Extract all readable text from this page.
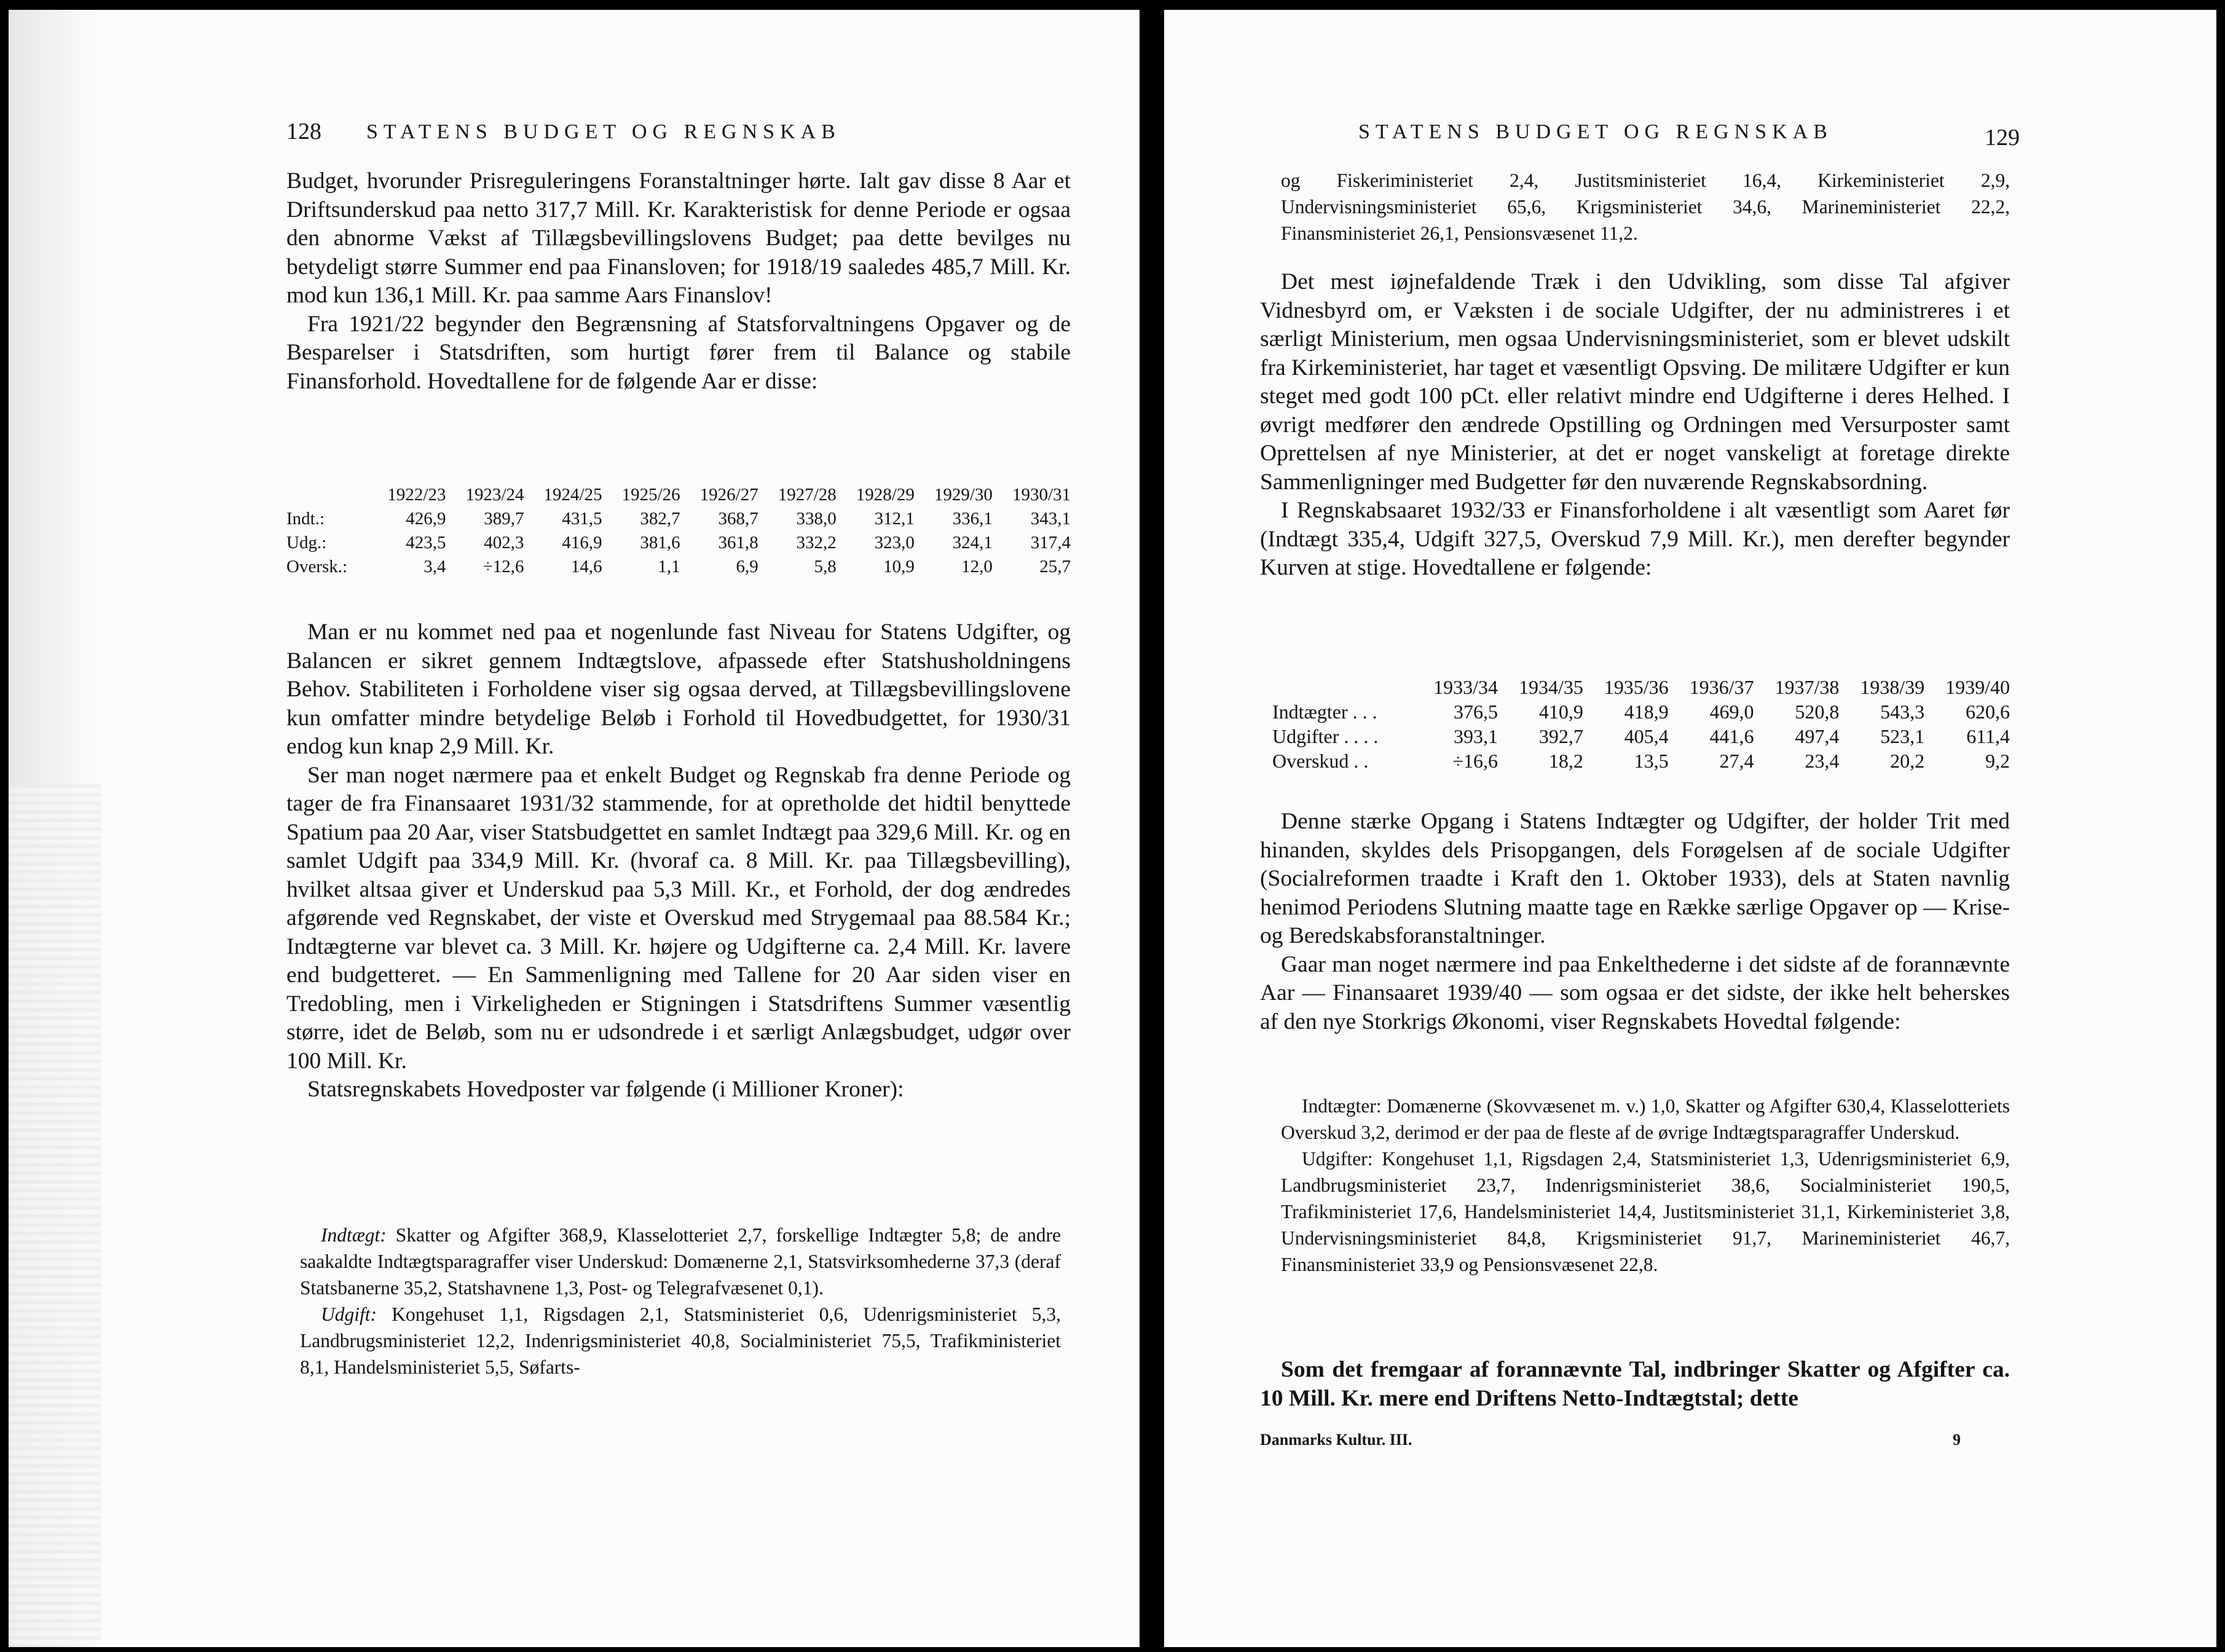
128 STATENS BUDGET OG REGNSKAB

Budget, hvorunder Prisreguleringens Foranstaltninger hørte. Ialt gav disse 8 Aar et Driftsunderskud paa netto 317,7 Mill. Kr. Karakteristisk for denne Periode er ogsaa den abnorme Vækst af Tillægsbevillingslovens Budget; paa dette bevilges nu betydeligt større Summer end paa Finansloven; for 1918/19 saaledes 485,7 Mill. Kr. mod kun 136,1 Mill. Kr. paa samme Aars Finanslov!

Fra 1921/22 begynder den Begrænsning af Statsforvaltningens Opgaver og de Besparelser i Statsdriften, som hurtigt fører frem til Balance og stabile Finansforhold. Hovedtallene for de følgende Aar er disse:

	1922/23	1923/24	1924/25	1925/26	1926/27	1927/28	1928/29	1929/30	1930/31
Indt.:	426,9	389,7	431,5	382,7	368,7	338,0	312,1	336,1	343,1
Udg.:	423,5	402,3	416,9	381,6	361,8	332,2	323,0	324,1	317,4
Oversk.:	3,4	÷12,6	14,6	1,1	6,9	5,8	10,9	12,0	25,7

Man er nu kommet ned paa et nogenlunde fast Niveau for Statens Udgifter, og Balancen er sikret gennem Indtægtslove, afpassede efter Statshusholdningens Behov. Stabiliteten i Forholdene viser sig ogsaa derved, at Tillægsbevillingslovene kun omfatter mindre betydelige Beløb i Forhold til Hovedbudgettet, for 1930/31 endog kun knap 2,9 Mill. Kr.

Ser man noget nærmere paa et enkelt Budget og Regnskab fra denne Periode og tager de fra Finansaaret 1931/32 stammende, for at opretholde det hidtil benyttede Spatium paa 20 Aar, viser Statsbudgettet en samlet Indtægt paa 329,6 Mill. Kr. og en samlet Udgift paa 334,9 Mill. Kr. (hvoraf ca. 8 Mill. Kr. paa Tillægsbevilling), hvilket altsaa giver et Underskud paa 5,3 Mill. Kr., et Forhold, der dog ændredes afgørende ved Regnskabet, der viste et Overskud med Strygemaal paa 88.584 Kr.; Indtægterne var blevet ca. 3 Mill. Kr. højere og Udgifterne ca. 2,4 Mill. Kr. lavere end budgetteret. — En Sammenligning med Tallene for 20 Aar siden viser en Tredobling, men i Virkeligheden er Stigningen i Statsdriftens Summer væsentlig større, idet de Beløb, som nu er udsondrede i et særligt Anlægsbudget, udgør over 100 Mill. Kr.

Statsregnskabets Hovedposter var følgende (i Millioner Kroner):

Indtægt: Skatter og Afgifter 368,9, Klasselotteriet 2,7, forskellige Indtægter 5,8; de andre saakaldte Indtægtsparagraffer viser Underskud: Domænerne 2,1, Statsvirksomhederne 37,3 (deraf Statsbanerne 35,2, Statshavnene 1,3, Post- og Telegrafvæsenet 0,1).

Udgift: Kongehuset 1,1, Rigsdagen 2,1, Statsministeriet 0,6, Udenrigsministeriet 5,3, Landbrugsministeriet 12,2, Indenrigsministeriet 40,8, Socialministeriet 75,5, Trafikministeriet 8,1, Handelsministeriet 5,5, Søfarts-

STATENS BUDGET OG REGNSKAB	129

og Fiskeriministeriet 2,4, Justitsministeriet 16,4, Kirkeministeriet 2,9, Undervisningsministeriet 65,6, Krigsministeriet 34,6, Marineministeriet 22,2, Finansministeriet 26,1, Pensionsvæsenet 11,2.

Det mest iøjnefaldende Træk i den Udvikling, som disse Tal afgiver Vidnesbyrd om, er Væksten i de sociale Udgifter, der nu administreres i et særligt Ministerium, men ogsaa Undervisningsministeriet, som er blevet udskilt fra Kirkeministeriet, har taget et væsentligt Opsving. De militære Udgifter er kun steget med godt 100 pCt. eller relativt mindre end Udgifterne i deres Helhed. I øvrigt medfører den ændrede Opstilling og Ordningen med Versurposter samt Oprettelsen af nye Ministerier, at det er noget vanskeligt at foretage direkte Sammenligninger med Budgetter før den nuværende Regnskabsordning.

I Regnskabsaaret 1932/33 er Finansforholdene i alt væsentligt som Aaret før (Indtægt 335,4, Udgift 327,5, Overskud 7,9 Mill. Kr.), men derefter begynder Kurven at stige. Hovedtallene er følgende:

	1933/34	1934/35	1935/36	1936/37	1937/38	1938/39	1939/40
Indtægter . . .	376,5	410,9	418,9	469,0	520,8	543,3	620,6
Udgifter . . . .	393,1	392,7	405,4	441,6	497,4	523,1	611,4
Overskud . .	÷16,6	18,2	13,5	27,4	23,4	20,2	9,2

Denne stærke Opgang i Statens Indtægter og Udgifter, der holder Trit med hinanden, skyldes dels Prisopgangen, dels Forøgelsen af de sociale Udgifter (Socialreformen traadte i Kraft den 1. Oktober 1933), dels at Staten navnlig henimod Periodens Slutning maatte tage en Række særlige Opgaver op — Krise- og Beredskabsforanstaltninger.

Gaar man noget nærmere ind paa Enkelthederne i det sidste af de forannævnte Aar — Finansaaret 1939/40 — som ogsaa er det sidste, der ikke helt beherskes af den nye Storkrigs Økonomi, viser Regnskabets Hovedtal følgende:

Indtægter: Domænerne (Skovvæsenet m. v.) 1,0, Skatter og Afgifter 630,4, Klasselotteriets Overskud 3,2, derimod er der paa de fleste af de øvrige Indtægtsparagraffer Underskud.

Udgifter: Kongehuset 1,1, Rigsdagen 2,4, Statsministeriet 1,3, Udenrigsministeriet 6,9, Landbrugsministeriet 23,7, Indenrigsministeriet 38,6, Socialministeriet 190,5, Trafikministeriet 17,6, Handelsministeriet 14,4, Justitsministeriet 31,1, Kirkeministeriet 3,8, Undervisningsministeriet 84,8, Krigsministeriet 91,7, Marineministeriet 46,7, Finansministeriet 33,9 og Pensionsvæsenet 22,8.

Som det fremgaar af forannævnte Tal, indbringer Skatter og Afgifter ca. 10 Mill. Kr. mere end Driftens Netto-Indtægtstal; dette

Danmarks Kultur. III.	9
